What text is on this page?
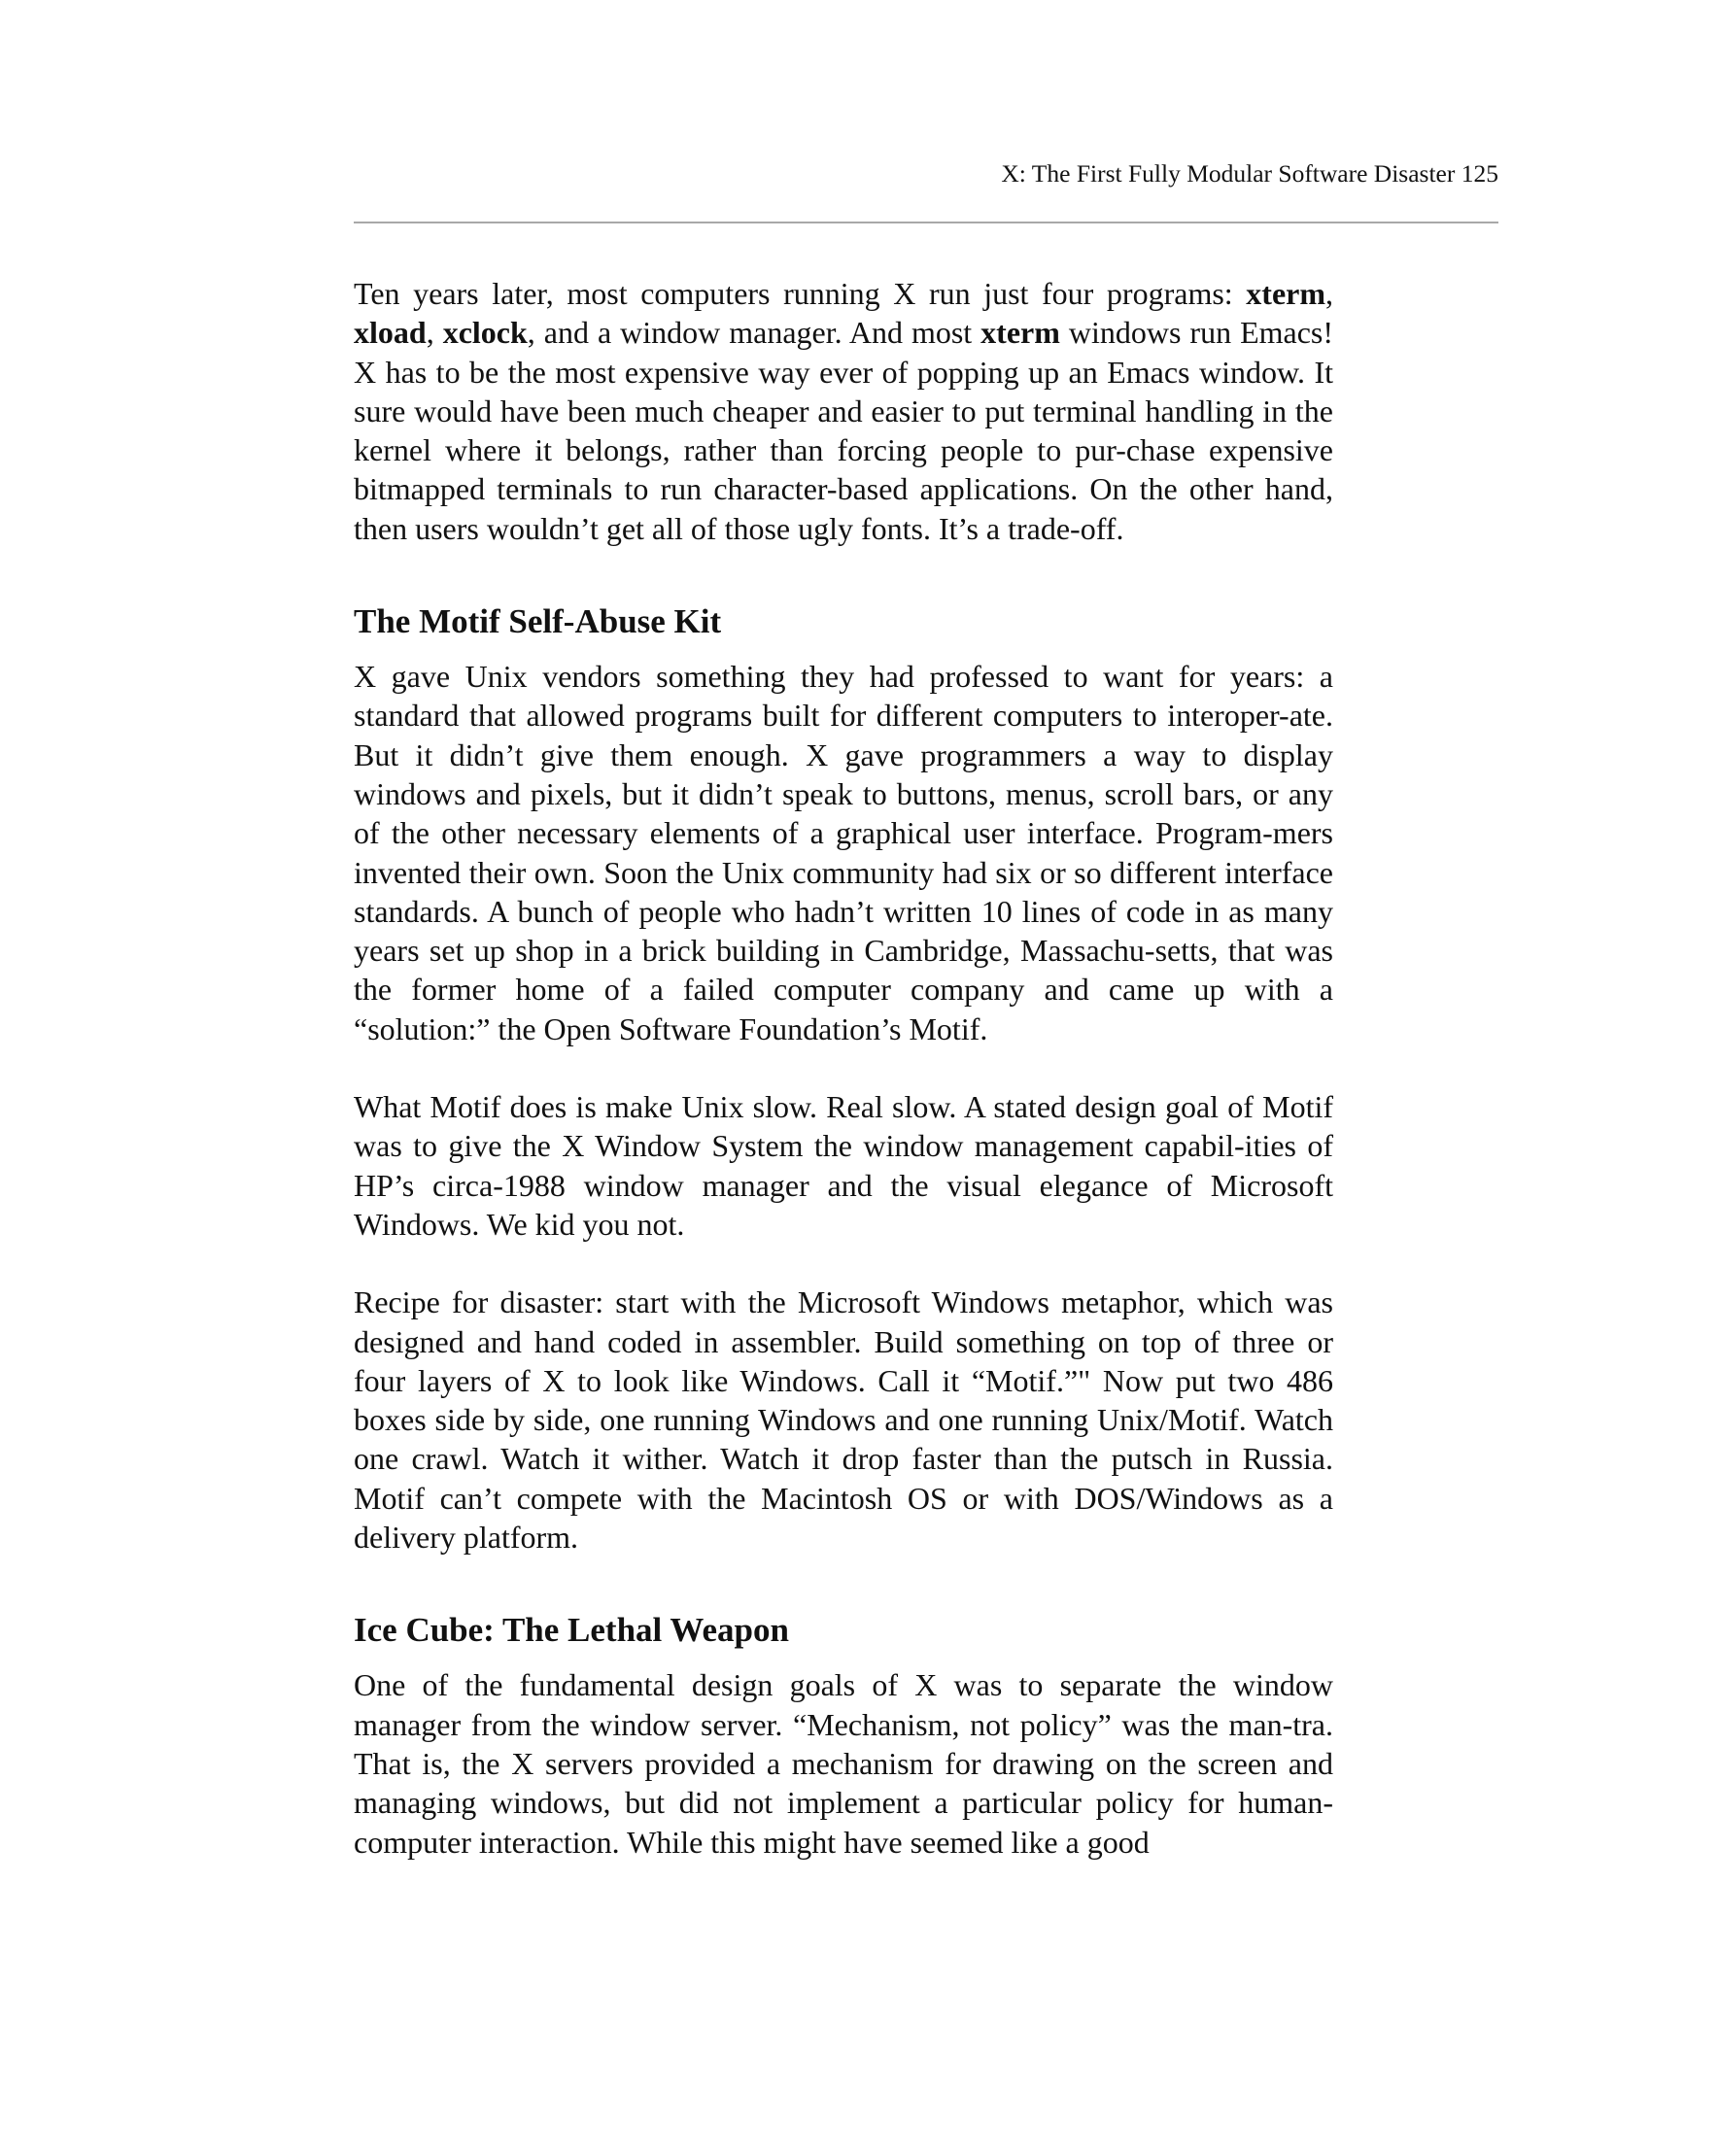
X: The First Fully Modular Software Disaster 125

Ten years later, most computers running X run just four programs: xterm, xload, xclock, and a window manager. And most xterm windows run Emacs! X has to be the most expensive way ever of popping up an Emacs window. It sure would have been much cheaper and easier to put terminal handling in the kernel where it belongs, rather than forcing people to pur-chase expensive bitmapped terminals to run character-based applications. On the other hand, then users wouldn’t get all of those ugly fonts. It’s a trade-off.

The Motif Self-Abuse Kit

X gave Unix vendors something they had professed to want for years: a standard that allowed programs built for different computers to interoper-ate. But it didn’t give them enough. X gave programmers a way to display windows and pixels, but it didn’t speak to buttons, menus, scroll bars, or any of the other necessary elements of a graphical user interface. Program-mers invented their own. Soon the Unix community had six or so different interface standards. A bunch of people who hadn’t written 10 lines of code in as many years set up shop in a brick building in Cambridge, Massachu-setts, that was the former home of a failed computer company and came up with a “solution:” the Open Software Foundation’s Motif.

What Motif does is make Unix slow. Real slow. A stated design goal of Motif was to give the X Window System the window management capabil-ities of HP’s circa-1988 window manager and the visual elegance of Microsoft Windows. We kid you not.

Recipe for disaster: start with the Microsoft Windows metaphor, which was designed and hand coded in assembler. Build something on top of three or four layers of X to look like Windows. Call it “Motif.”" Now put two 486 boxes side by side, one running Windows and one running Unix/Motif. Watch one crawl. Watch it wither. Watch it drop faster than the putsch in Russia. Motif can’t compete with the Macintosh OS or with DOS/Windows as a delivery platform.

Ice Cube: The Lethal Weapon

One of the fundamental design goals of X was to separate the window manager from the window server. “Mechanism, not policy” was the man-tra. That is, the X servers provided a mechanism for drawing on the screen and managing windows, but did not implement a particular policy for human-computer interaction. While this might have seemed like a good
